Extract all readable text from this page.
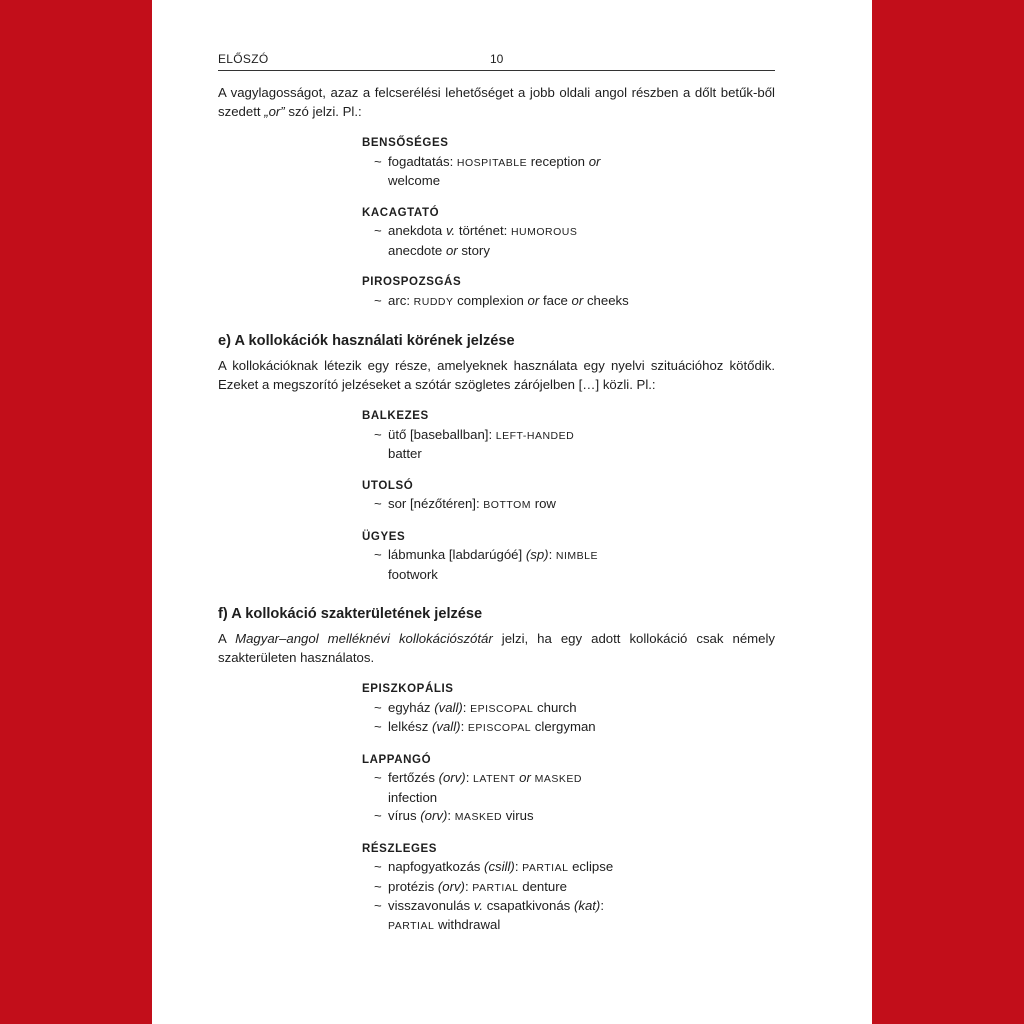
ELŐSZÓ	10

A vagylagosságot, azaz a felcserélési lehetőséget a jobb oldali angol részben a dőlt betűk-ből szedett „or” szó jelzi. Pl.:

BENSŐSÉGES
~ fogadtatás: HOSPITABLE reception or
welcome
KACAGTATÓ
~ anekdota v. történet: HUMOROUS
anecdote or story
PIROSPOZSGÁS
~ arc: RUDDY complexion or face or cheeks
e) A kollokációk használati körének jelzése

A kollokációknak létezik egy része, amelyeknek használata egy nyelvi szituációhoz kötődik. Ezeket a megszorító jelzéseket a szótár szögletes zárójelben […] közli. Pl.:

BALKEZES
~ ütő [baseballban]: LEFT-HANDED
batter
UTOLSÓ
~ sor [nézőtéren]: BOTTOM row
ÜGYES
~ lábmunka [labdarúgóé] (sp): NIMBLE
footwork
f) A kollokáció szakterületének jelzése

A Magyar–angol melléknévi kollokációszótár jelzi, ha egy adott kollokáció csak némely szakterületen használatos.

EPISZKOPÁLIS
~ egyház (vall): EPISCOPAL church
~ lelkész (vall): EPISCOPAL clergyman
LAPPANGÓ
~ fertőzés (orv): LATENT or MASKED
infection
~ vírus (orv): MASKED virus
RÉSZLEGES
~ napfogyatkozás (csill): PARTIAL eclipse
~ protézis (orv): PARTIAL denture
~ visszavonulás v. csapatkivonás (kat):
PARTIAL withdrawal
